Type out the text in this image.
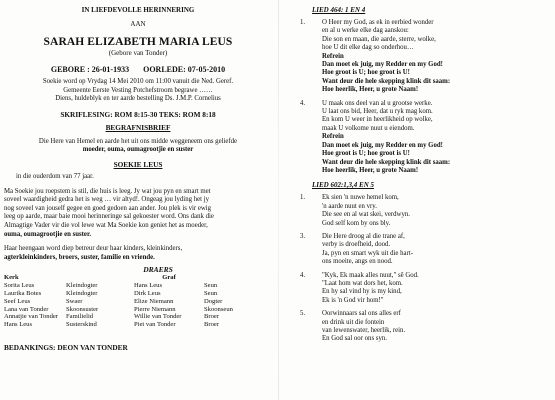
IN LIEFDEVOLLE HERINNERING
AAN
SARAH ELIZABETH MARIA LEUS
(Gebore van Tonder)
GEBORE : 26-01-1933 OORLEDE: 07-05-2010
Soekie word op Vrydag 14 Mei 2010 om 11:00 vanuit die Ned. Geref.
Gemeente Eerste Vesting Potchefstroom begrawe ……
Diens, huldeblyk en ter aarde bestelling Ds. J.M.P. Cornelius
SKRIFLESING: ROM 8:15-30 TEKS: ROM 8:18
BEGRAFNISBRIEF
Die Here van Hemel en aarde het uit ons midde weggeneem ons geliefde
moeder, ouma, oumagrootjie en suster
SOEKIE LEUS
in die ouderdom van 77 jaar.
Ma Soekie jou roepstem is stil, die huis is leeg. Jy wat jou pyn en smart met
soveel waardigheid gedra het is weg … vir altyd!. Ongeag jou lyding het jy
nog soveel van jouself gegee en goed gedoen aan ander. Jou plek is vir ewig
leeg op aarde, maar baie mooi herinneringe sal gekoester word. Ons dank die
Almagtige Vader vir die vol lewe wat Ma Soekie kon geniet het as moeder,
ouma, oumagrootjie en suster.
Haar heengaan word diep betreur deur haar kinders, kleinkinders,
agterkleinkinders, broers, suster, familie en vriende.
DRAERS
Kerk	Graf
Sorita Leus	Kleindogter	Hans Leus	Seun
Laurika Botes	Kleindogter	Dirk Leus	Seun
Seef Leus	Swaer	Elize Niemann	Dogter
Lana van Tonder	Skoonsuster	Pierre Niemann	Skoonseun
Annatjie van Tonder	Familielid	Willie van Tonder	Broer
Hans Leus	Susterskind	Piet van Tonder	Broer
BEDANKINGS: DEON VAN TONDER
LIED 464: 1 EN 4
1.	O Heer my God, as ek in eerbied wonder
en al u werke elke dag aanskou:
Die son en maan, die aarde, sterre, wolke,
hoe U dit elke dag so onderhou…
Refrein
Dan moet ek juig, my Redder en my God!
Hoe groot is U; hoe groot is U!
Want deur die hele skepping klink dit saam:
Hoe heerlik, Heer, u grote Naam!
4.	U maak ons deel van al u grootse werke.
U laat ons bid, Heer, dat u ryk mag kom.
En kom U weer in heerlikheid op wolke,
maak U volkome nuut u eiendom.
Refrein
Dan moet ek juig, my Redder en my God!
Hoe groot is U; hoe groot is U!
Want deur die hele skepping klink dit saam:
Hoe heerlik, Heer, u grote Naam!
LIED 602:1,3,4 EN 5
1.	Ek sien 'n nuwe hemel kom,
'n aarde nuut en vry.
Die see en al wat skei, verdwyn.
God self kom by ons bly.
3.	Die Here droog al die trane af,
verby is droefheid, dood.
Ja, pyn en smart wyk uit die hart-
ons moeite, angs en nood.
4.	"Kyk, Ek maak alles nuut," sê God.
"Laat hom wat dors het, kom.
En hy sal vind hy is my kind,
Ek is 'n God vir hom!"
5.	Oorwinnaars sal ons alles erf
en drink uit die fontein
van lewenswater, heerlik, rein.
En God sal oor ons syn.
